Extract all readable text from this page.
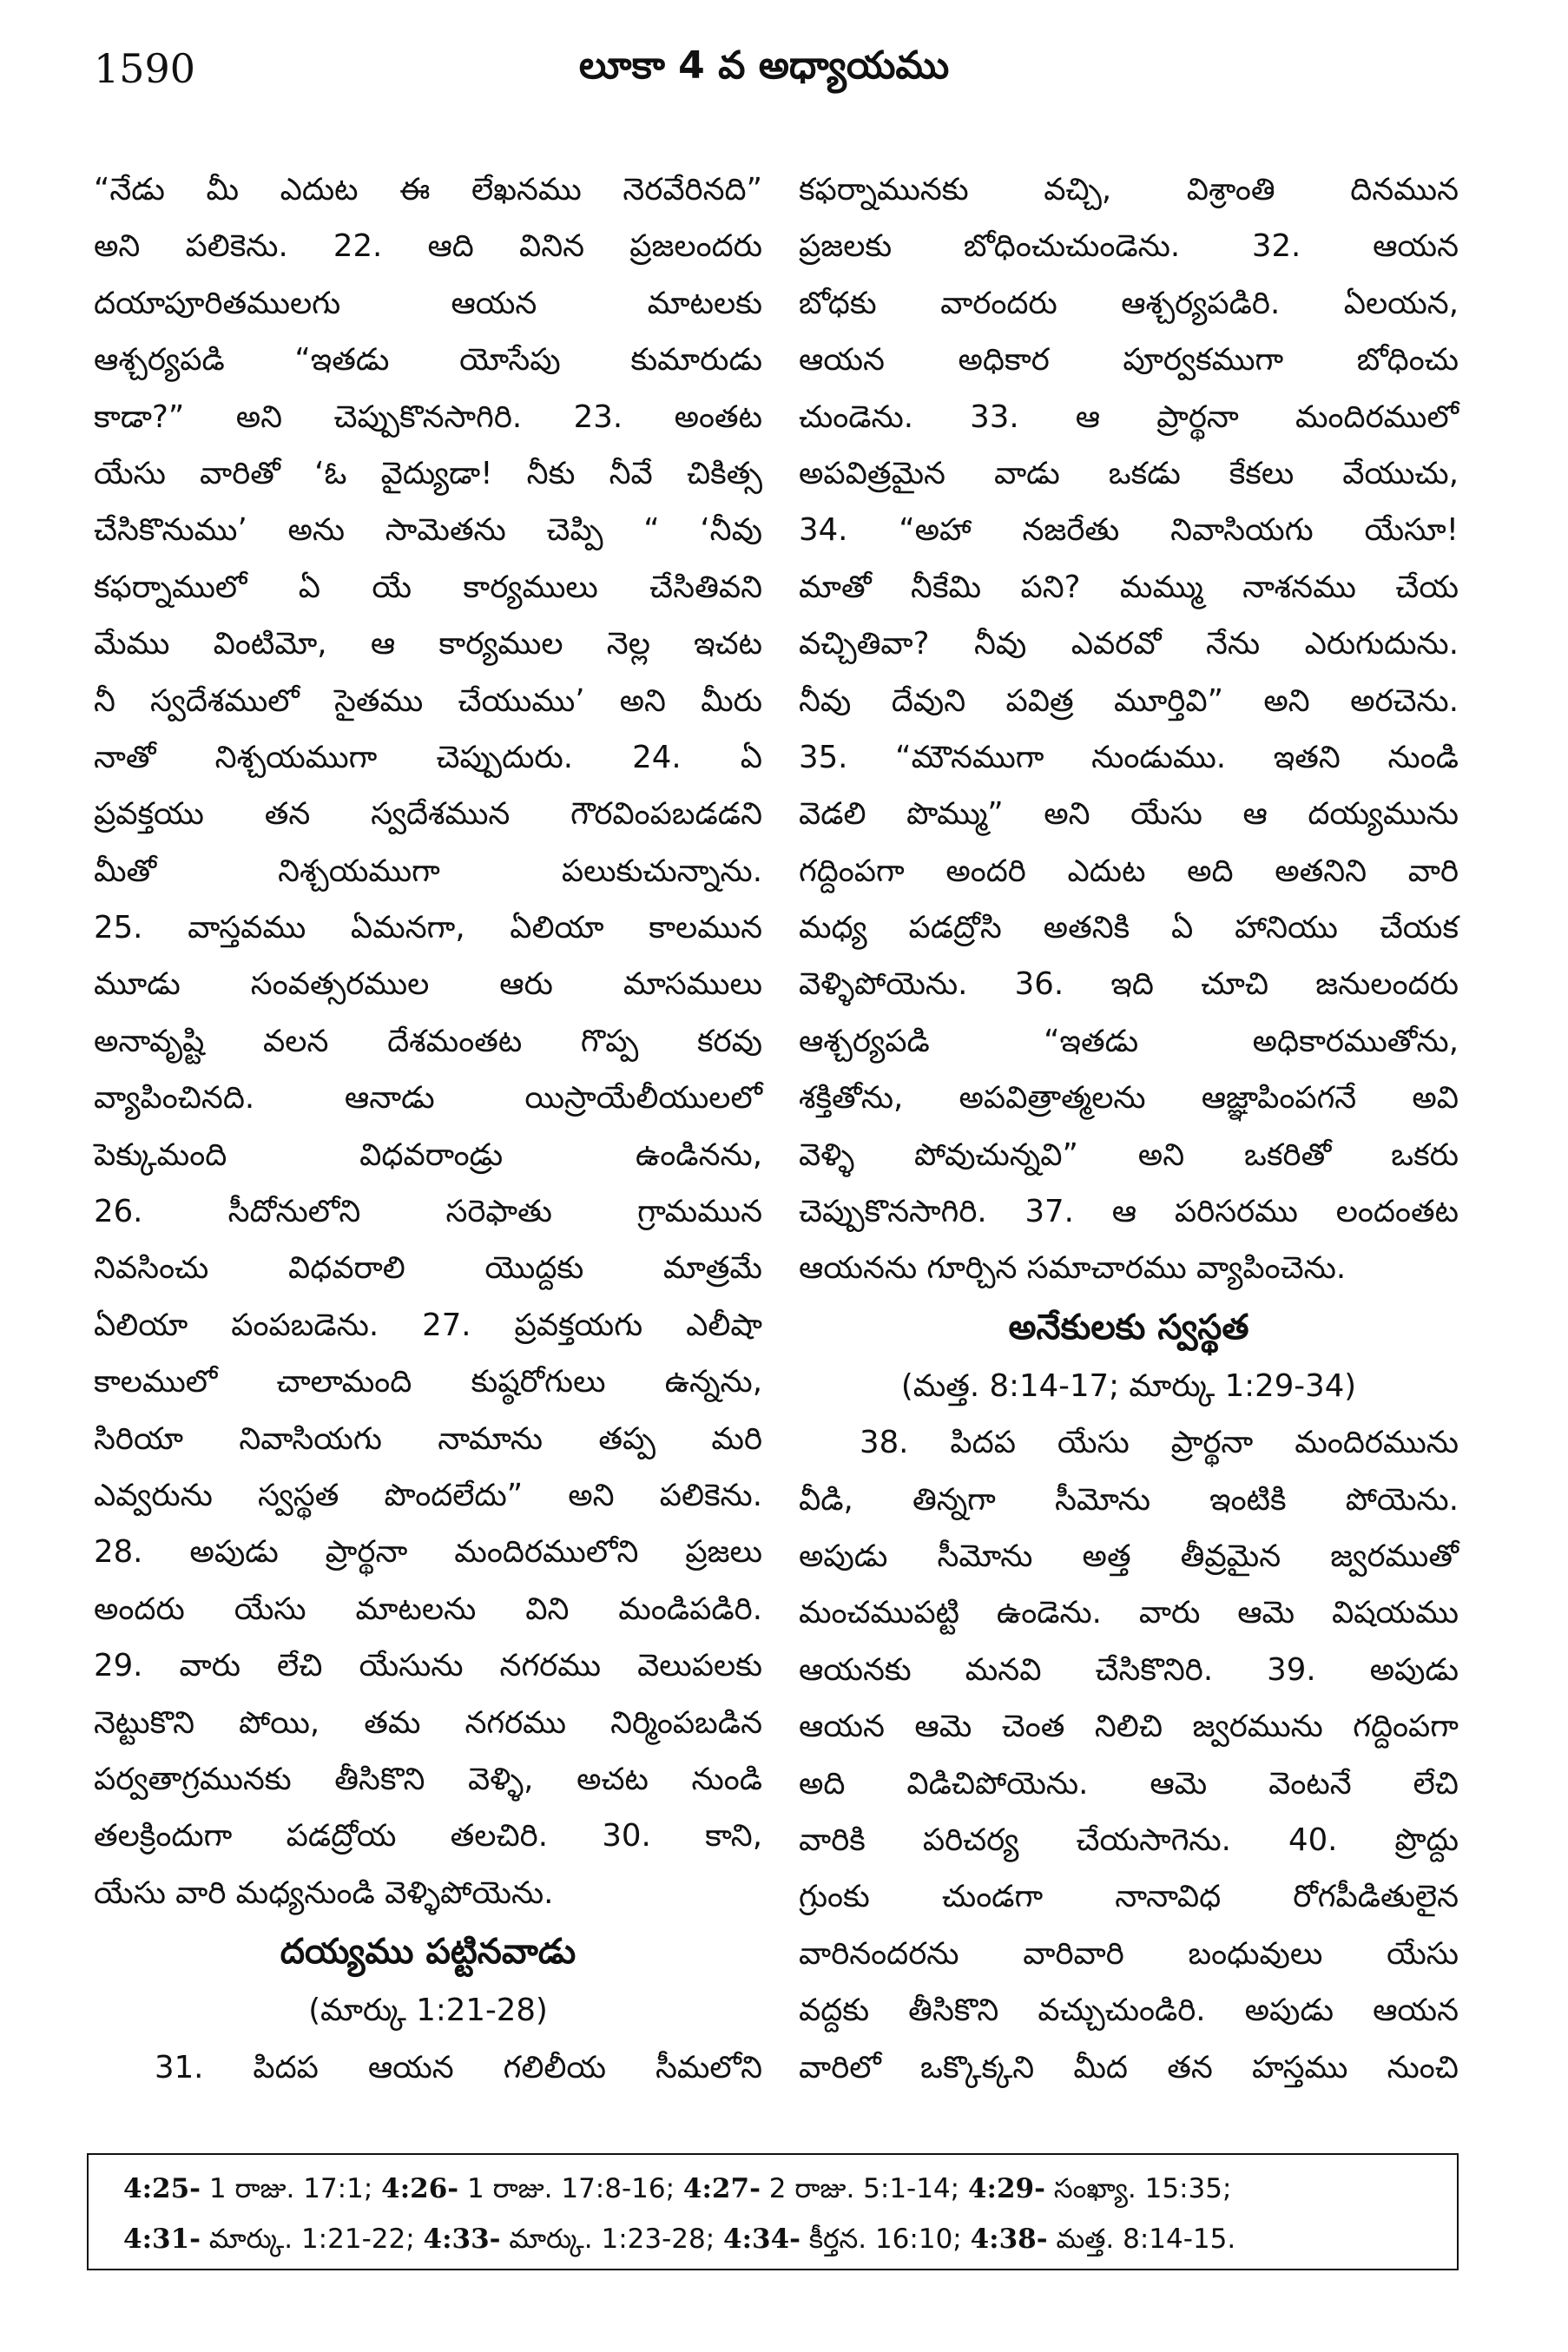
1590	లూకా 4 వ అధ్యాయము
“నేడు మీ ఎదుట ఈ లేఖనము నెరవేరినది”
అని పలికెను. 22. ఆది వినిన ప్రజలందరు
దయాపూరితములగు ఆయన మాటలకు
ఆశ్చర్యపడి “ఇతడు యోసేపు కుమారుడు
కాడా?” అని చెప్పుకొనసాగిరి. 23. అంతట
యేసు వారితో ‘ఓ వైద్యుడా! నీకు నీవే చికిత్స
చేసికొనుము’ అను సామెతను చెప్పి “ ‘నీవు
కఫర్నాములో ఏ యే కార్యములు చేసితివని
మేము వింటిమో, ఆ కార్యముల నెల్ల ఇచట
నీ స్వదేశములో సైతము చేయుము’ అని మీరు
నాతో నిశ్చయముగా చెప్పుదురు. 24. ఏ
ప్రవక్తయు తన స్వదేశమున గౌరవింపబడడని
మీతో నిశ్చయముగా పలుకుచున్నాను.
25. వాస్తవము ఏమనగా, ఏలియా కాలమున
మూడు సంవత్సరముల ఆరు మాసములు
అనావృష్టి వలన దేశమంతట గొప్ప కరవు
వ్యాపించినది. ఆనాడు యిస్రాయేలీయులలో
పెక్కుమంది విధవరాండ్రు ఉండినను,
26. సీదోనులోని సరెఫాతు గ్రామమున
నివసించు విధవరాలి యొద్దకు మాత్రమే
ఏలియా పంపబడెను. 27. ప్రవక్తయగు ఎలీషా
కాలములో చాలామంది కుష్ఠరోగులు ఉన్నను,
సిరియా నివాసియగు నామాను తప్ప మరి
ఎవ్వరును స్వస్థత పొందలేదు” అని పలికెను.
28. అపుడు ప్రార్థనా మందిరములోని ప్రజలు
అందరు యేసు మాటలను విని మండిపడిరి.
29. వారు లేచి యేసును నగరము వెలుపలకు
నెట్టుకొని పోయి, తమ నగరము నిర్మింపబడిన
పర్వతాగ్రమునకు తీసికొని వెళ్ళి, అచట నుండి
తలక్రిందుగా పడద్రోయ తలచిరి. 30. కాని,
యేసు వారి మధ్యనుండి వెళ్ళిపోయెను.
దయ్యము పట్టినవాడు
(మార్కు 1:21-28)
31. పిదప ఆయన గలిలీయ సీమలోని
కఫర్నామునకు వచ్చి, విశ్రాంతి దినమున
ప్రజలకు బోధించుచుండెను. 32. ఆయన
బోధకు వారందరు ఆశ్చర్యపడిరి. ఏలయన,
ఆయన అధికార పూర్వకముగా బోధించు
చుండెను. 33. ఆ ప్రార్థనా మందిరములో
అపవిత్రమైన వాడు ఒకడు కేకలు వేయుచు,
34. “అహా నజరేతు నివాసియగు యేసూ!
మాతో నీకేమి పని? మమ్ము నాశనము చేయ
వచ్చితివా? నీవు ఎవరవో నేను ఎరుగుదును.
నీవు దేవుని పవిత్ర మూర్తివి” అని అరచెను.
35. “మౌనముగా నుండుము. ఇతని నుండి
వెడలి పొమ్ము” అని యేసు ఆ దయ్యమును
గద్దింపగా అందరి ఎదుట అది అతనిని వారి
మధ్య పడద్రోసి అతనికి ఏ హానియు చేయక
వెళ్ళిపోయెను. 36. ఇది చూచి జనులందరు
ఆశ్చర్యపడి “ఇతడు అధికారముతోను,
శక్తితోను, అపవిత్రాత్మలను ఆజ్ఞాపింపగనే అవి
వెళ్ళి పోవుచున్నవి” అని ఒకరితో ఒకరు
చెప్పుకొనసాగిరి. 37. ఆ పరిసరము లందంతట
ఆయనను గూర్చిన సమాచారము వ్యాపించెను.
అనేకులకు స్వస్థత
(మత్త. 8:14-17; మార్కు 1:29-34)
38. పిదప యేసు ప్రార్థనా మందిరమును
వీడి, తిన్నగా సీమోను ఇంటికి పోయెను.
అపుడు సీమోను అత్త తీవ్రమైన జ్వరముతో
మంచముపట్టి ఉండెను. వారు ఆమె విషయము
ఆయనకు మనవి చేసికొనిరి. 39. అపుడు
ఆయన ఆమె చెంత నిలిచి జ్వరమును గద్దింపగా
అది విడిచిపోయెను. ఆమె వెంటనే లేచి
వారికి పరిచర్య చేయసాగెను. 40. ప్రొద్దు
గ్రుంకు చుండగా నానావిధ రోగపీడితులైన
వారినందరను వారివారి బంధువులు యేసు
వద్దకు తీసికొని వచ్చుచుండిరి. అపుడు ఆయన
వారిలో ఒక్కొక్కని మీద తన హస్తము నుంచి
4:25- 1 రాజు. 17:1; 4:26- 1 రాజు. 17:8-16; 4:27- 2 రాజు. 5:1-14; 4:29- సంఖ్యా. 15:35;
4:31- మార్కు. 1:21-22; 4:33- మార్కు. 1:23-28; 4:34- కీర్తన. 16:10; 4:38- మత్త. 8:14-15.
